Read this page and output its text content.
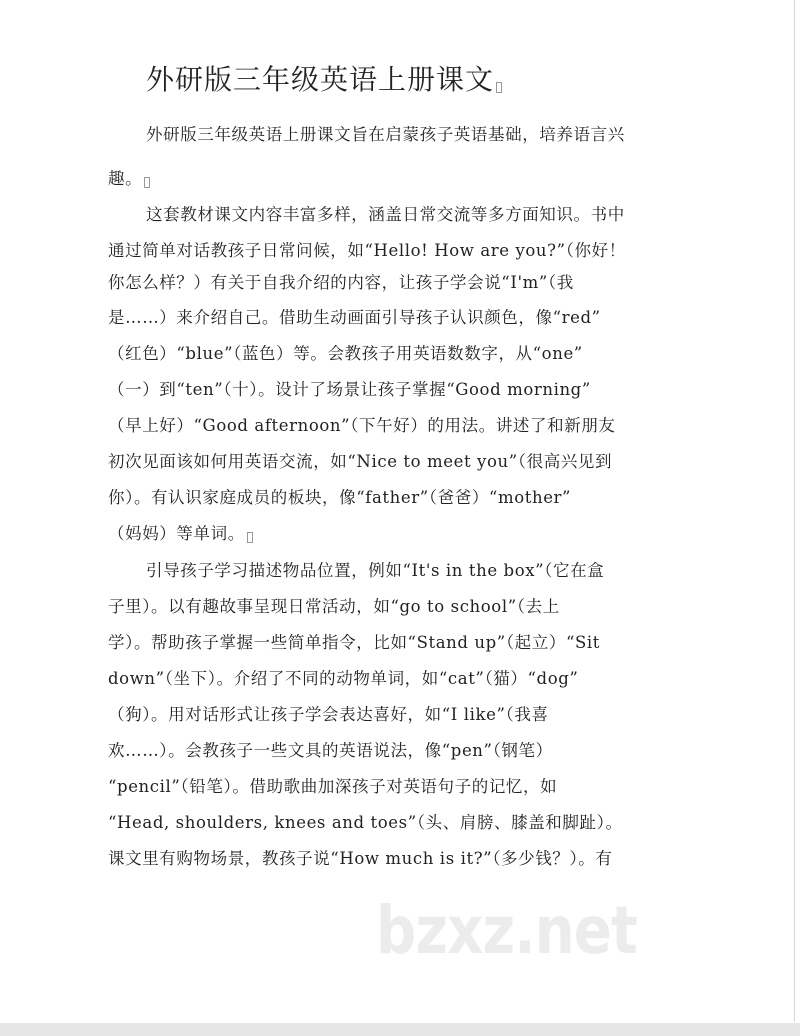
外研版三年级英语上册课文
外研版三年级英语上册课文旨在启蒙孩子英语基础，培养语言兴
趣。
这套教材课文内容丰富多样，涵盖日常交流等多方面知识。书中
通过简单对话教孩子日常问候，如“Hello! How are you?”（你好！
你怎么样？）有关于自我介绍的内容，让孩子学会说“I'm”（我
是……）来介绍自己。借助生动画面引导孩子认识颜色，像“red”
（红色）“blue”（蓝色）等。会教孩子用英语数数字，从“one”
（一）到“ten”（十）。设计了场景让孩子掌握“Good morning”
（早上好）“Good afternoon”（下午好）的用法。讲述了和新朋友
初次见面该如何用英语交流，如“Nice to meet you”（很高兴见到
你）。有认识家庭成员的板块，像“father”（爸爸）“mother”
（妈妈）等单词。
引导孩子学习描述物品位置，例如“It's in the box”（它在盒
子里）。以有趣故事呈现日常活动，如“go to school”（去上
学）。帮助孩子掌握一些简单指令，比如“Stand up”（起立）“Sit
down”（坐下）。介绍了不同的动物单词，如“cat”（猫）“dog”
（狗）。用对话形式让孩子学会表达喜好，如“I like”（我喜
欢……）。会教孩子一些文具的英语说法，像“pen”（钢笔）
“pencil”（铅笔）。借助歌曲加深孩子对英语句子的记忆，如
“Head, shoulders, knees and toes”（头、肩膀、膝盖和脚趾）。
课文里有购物场景，教孩子说“How much is it?”（多少钱？）。有
bzxz.net
